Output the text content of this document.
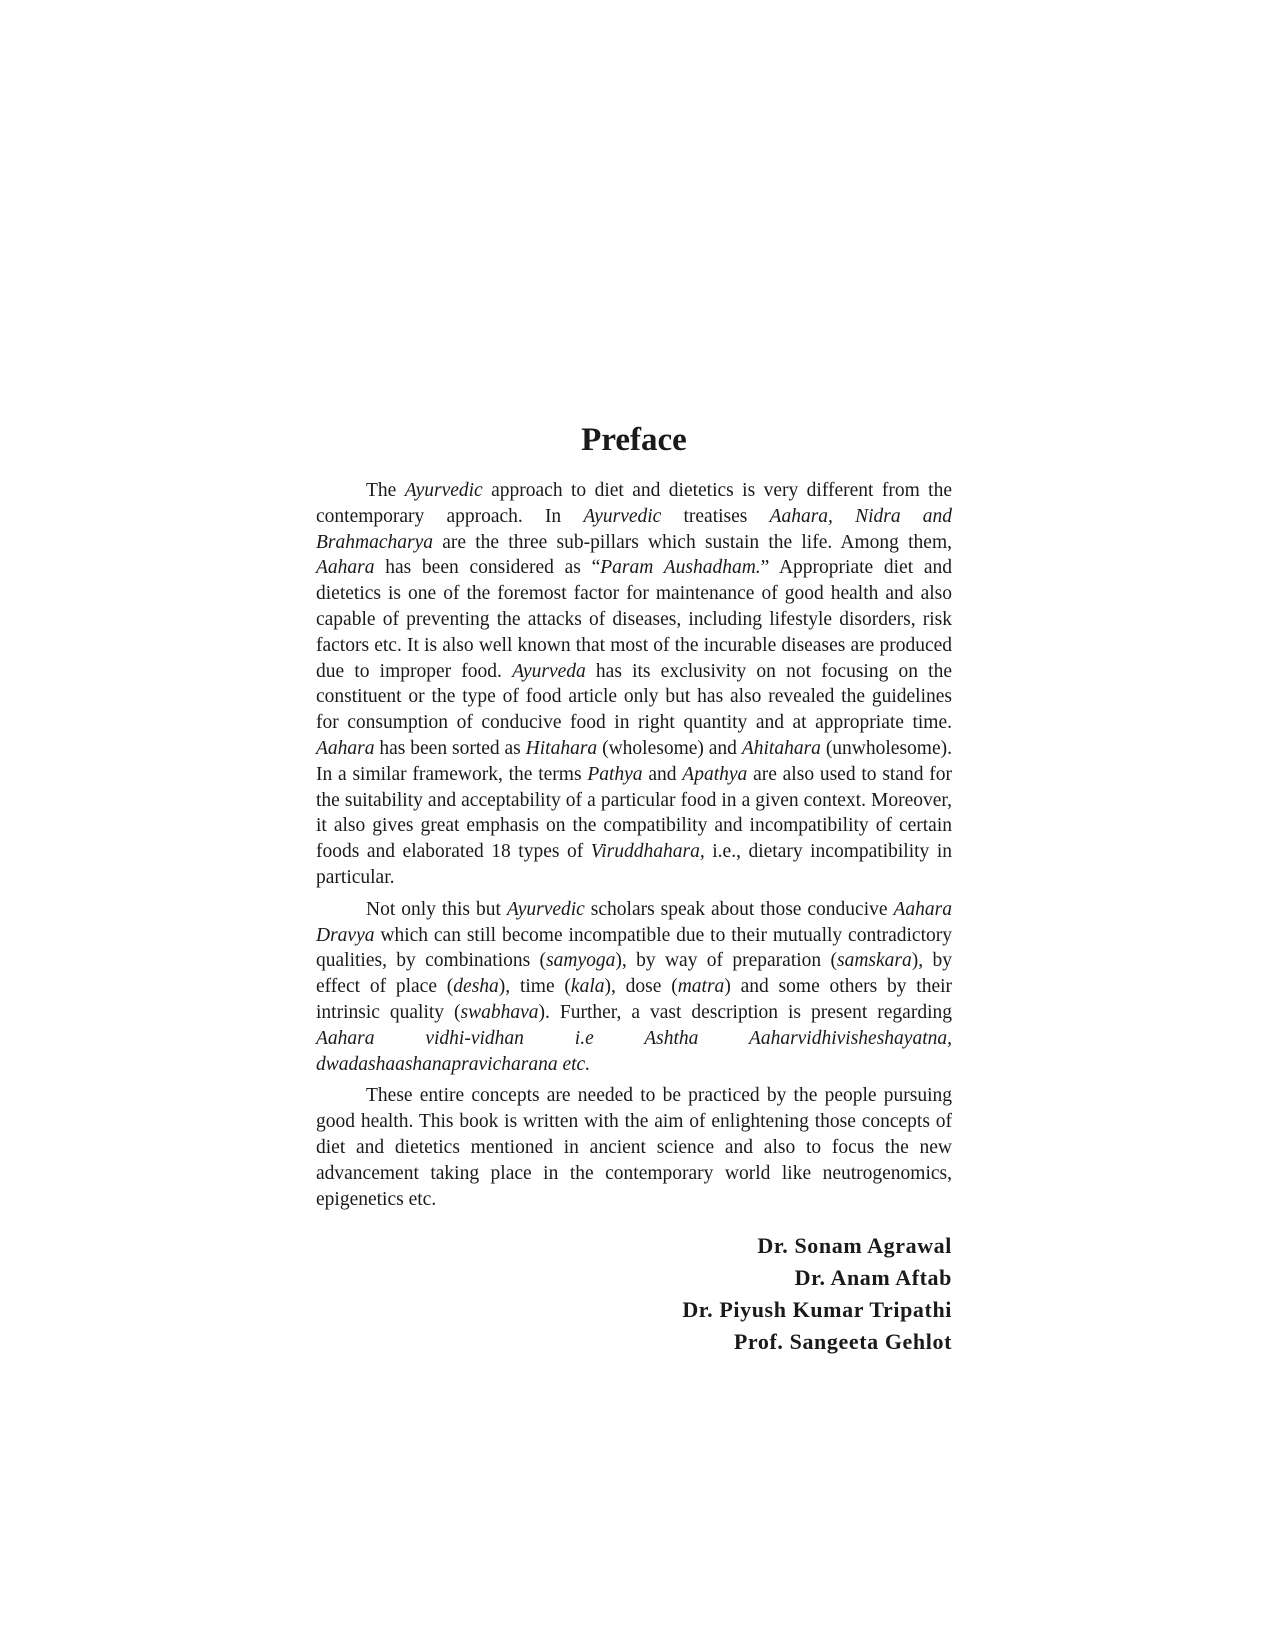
Preface

The Ayurvedic approach to diet and dietetics is very different from the contemporary approach. In Ayurvedic treatises Aahara, Nidra and Brahmacharya are the three sub-pillars which sustain the life. Among them, Aahara has been considered as “Param Aushadham.” Appropriate diet and dietetics is one of the foremost factor for maintenance of good health and also capable of preventing the attacks of diseases, including lifestyle disorders, risk factors etc. It is also well known that most of the incurable diseases are produced due to improper food. Ayurveda has its exclusivity on not focusing on the constituent or the type of food article only but has also revealed the guidelines for consumption of conducive food in right quantity and at appropriate time. Aahara has been sorted as Hitahara (wholesome) and Ahitahara (unwholesome). In a similar framework, the terms Pathya and Apathya are also used to stand for the suitability and acceptability of a particular food in a given context. Moreover, it also gives great emphasis on the compatibility and incompatibility of certain foods and elaborated 18 types of Viruddhahara, i.e., dietary incompatibility in particular.

Not only this but Ayurvedic scholars speak about those conducive Aahara Dravya which can still become incompatible due to their mutually contradictory qualities, by combinations (samyoga), by way of preparation (samskara), by effect of place (desha), time (kala), dose (matra) and some others by their intrinsic quality (swabhava). Further, a vast description is present regarding Aahara vidhi-vidhan i.e Ashtha Aaharvidhivisheshayatna, dwadashaashanapravicharana etc.

These entire concepts are needed to be practiced by the people pursuing good health. This book is written with the aim of enlightening those concepts of diet and dietetics mentioned in ancient science and also to focus the new advancement taking place in the contemporary world like neutrogenomics, epigenetics etc.

Dr. Sonam Agrawal
Dr. Anam Aftab
Dr. Piyush Kumar Tripathi
Prof. Sangeeta Gehlot
